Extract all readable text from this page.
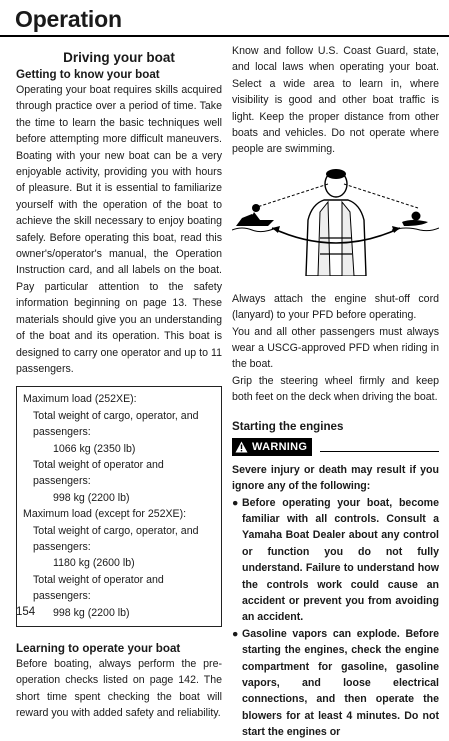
Operation
Driving your boat
Getting to know your boat

Operating your boat requires skills acquired through practice over a period of time. Take the time to learn the basic techniques well before attempting more difficult maneuvers. Boating with your new boat can be a very enjoyable activity, providing you with hours of pleasure. But it is essential to familiarize yourself with the operation of the boat to achieve the skill necessary to enjoy boating safely. Before operating this boat, read this owner's/operator's manual, the Operation Instruction card, and all labels on the boat. Pay particular attention to the safety information beginning on page 13. These materials should give you an understanding of the boat and its operation. This boat is designed to carry one operator and up to 11 passengers.

Maximum load (252XE):
Total weight of cargo, operator, and passengers:
1066 kg (2350 lb)
Total weight of operator and passengers:
998 kg (2200 lb)
Maximum load (except for 252XE):
Total weight of cargo, operator, and passengers:
1180 kg (2600 lb)
Total weight of operator and passengers:
998 kg (2200 lb)
Learning to operate your boat

Before boating, always perform the pre-operation checks listed on page 142. The short time spent checking the boat will reward you with added safety and reliability.

Know and follow U.S. Coast Guard, state, and local laws when operating your boat. Select a wide area to learn in, where visibility is good and other boat traffic is light. Keep the proper distance from other boats and vehicles. Do not operate where people are swimming.

Always attach the engine shut-off cord (lanyard) to your PFD before operating.

You and all other passengers must always wear a USCG-approved PFD when riding in the boat.

Grip the steering wheel firmly and keep both feet on the deck when driving the boat.

Starting the engines
WARNING

Severe injury or death may result if you ignore any of the following:

● Before operating your boat, become familiar with all controls. Consult a Yamaha Boat Dealer about any control or function you do not fully understand. Failure to understand how the controls work could cause an accident or prevent you from avoiding an accident.
● Gasoline vapors can explode. Before starting the engines, check the engine compartment for gasoline, gasoline vapors, and loose electrical connections, and then operate the blowers for at least 4 minutes. Do not start the engines or
154
